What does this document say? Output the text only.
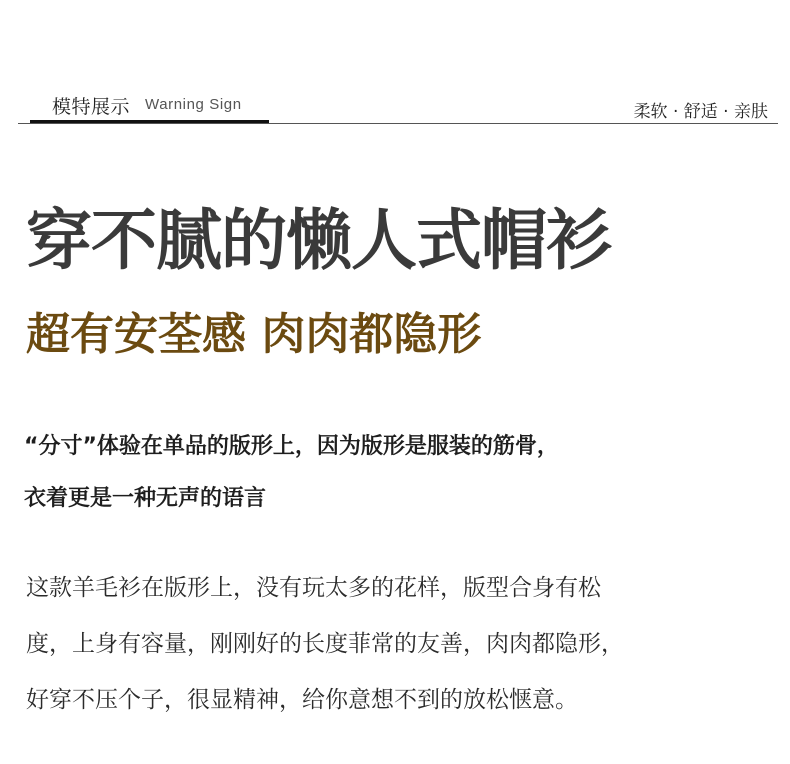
模特展示 Warning Sign	柔软 · 舒适 · 亲肤
穿不腻的懒人式帽衫
超有安荃感 肉肉都隐形

“分寸”体验在单品的版形上，因为版形是服装的筋骨，

衣着更是一种无声的语言

这款羊毛衫在版形上，没有玩太多的花样，版型合身有松

度，上身有容量，刚刚好的长度菲常的友善，肉肉都隐形，

好穿不压个子，很显精神，给你意想不到的放松惬意。
